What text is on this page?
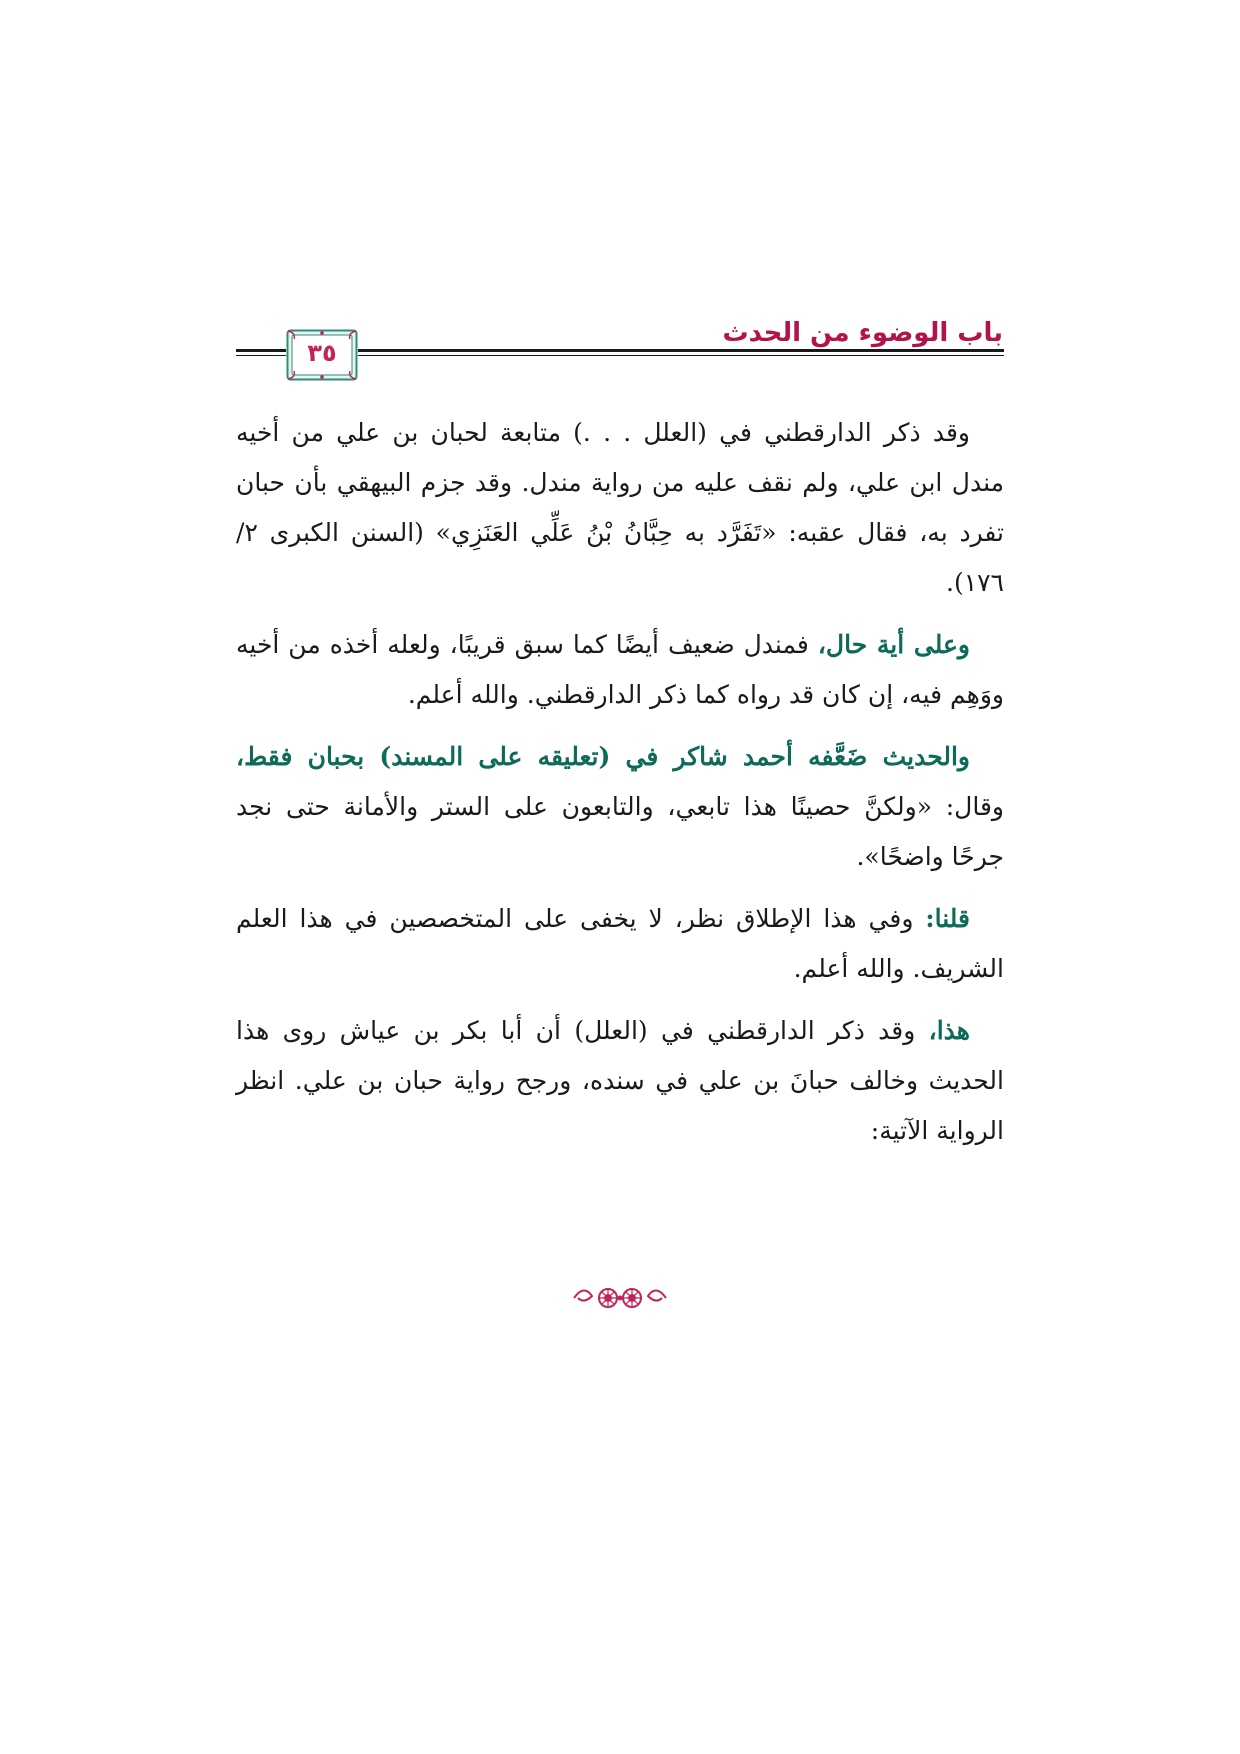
باب الوضوء من الحدث
٣٥

وقد ذكر الدارقطني في (العلل . . .) متابعة لحبان بن علي من أخيه مندل ابن علي، ولم نقف عليه من رواية مندل. وقد جزم البيهقي بأن حبان تفرد به، فقال عقبه: «تَفَرَّد به حِبَّانُ بْنُ عَلِّي العَنَزِي» (السنن الكبرى ٢/ ١٧٦).

وعلى أية حال، فمندل ضعيف أيضًا كما سبق قريبًا، ولعله أخذه من أخيه ووَهِم فيه، إن كان قد رواه كما ذكر الدارقطني. والله أعلم.

والحديث ضَعَّفه أحمد شاكر في (تعليقه على المسند) بحبان فقط، وقال: «ولكنَّ حصينًا هذا تابعي، والتابعون على الستر والأمانة حتى نجد جرحًا واضحًا».

قلنا: وفي هذا الإطلاق نظر، لا يخفى على المتخصصين في هذا العلم الشريف. والله أعلم.

هذا، وقد ذكر الدارقطني في (العلل) أن أبا بكر بن عياش روى هذا الحديث وخالف حبانَ بن علي في سنده، ورجح رواية حبان بن علي. انظر الرواية الآتية:
